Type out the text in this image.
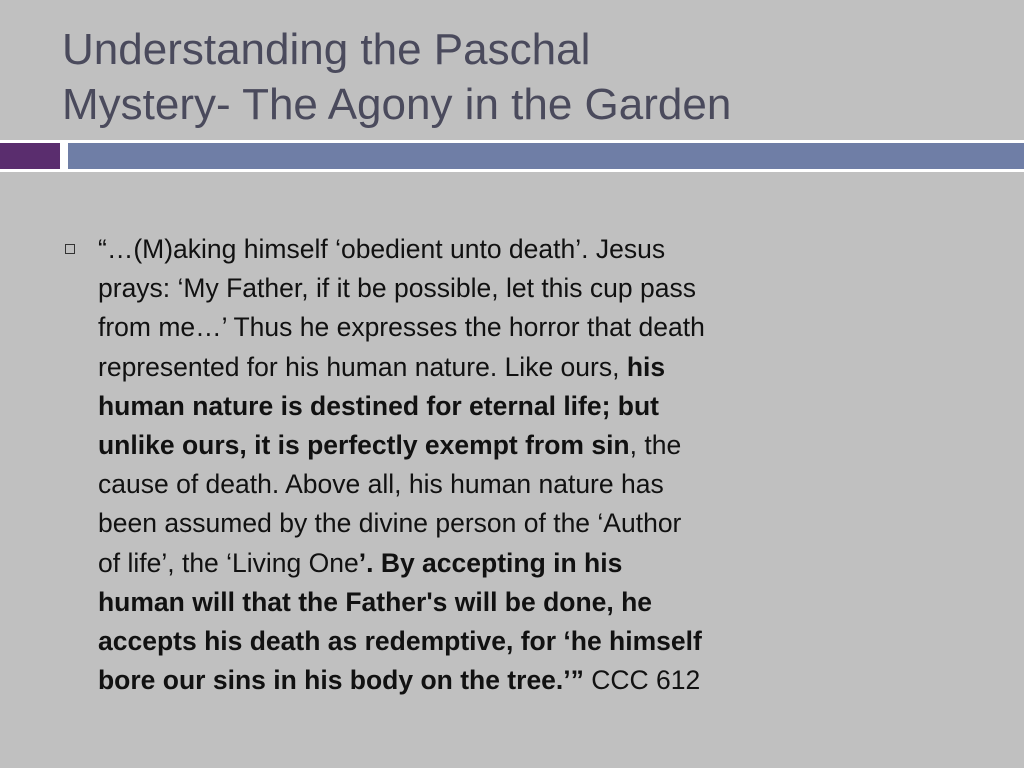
Understanding the Paschal
Mystery- The Agony in the Garden
“…(M)aking himself ‘obedient unto death’. Jesus
prays: ‘My Father, if it be possible, let this cup pass
from me…’ Thus he expresses the horror that death
represented for his human nature. Like ours, his
human nature is destined for eternal life; but
unlike ours, it is perfectly exempt from sin, the
cause of death. Above all, his human nature has
been assumed by the divine person of the ‘Author
of life’, the ‘Living One’. By accepting in his
human will that the Father's will be done, he
accepts his death as redemptive, for ‘he himself
bore our sins in his body on the tree.’” CCC 612
